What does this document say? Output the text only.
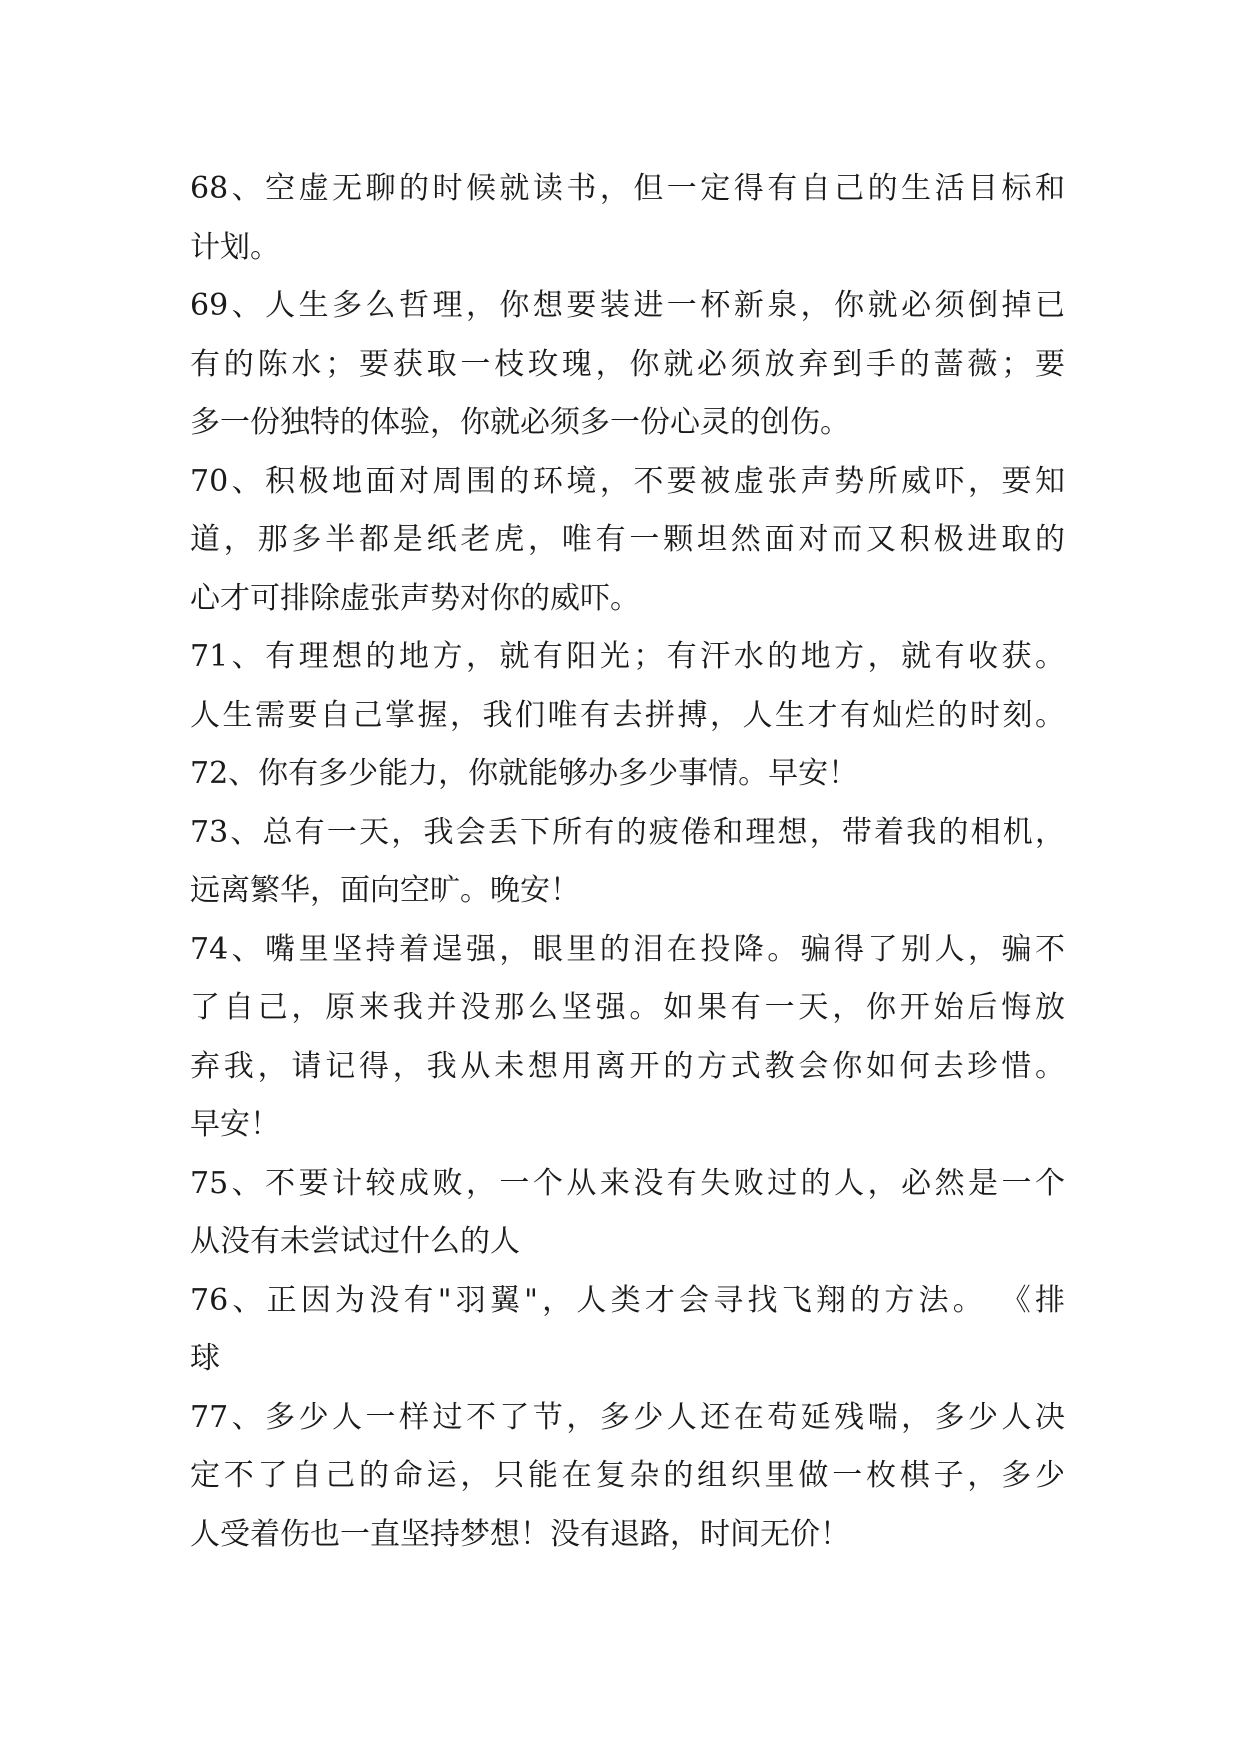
68、空虚无聊的时候就读书，但一定得有自己的生活目标和
计划。
69、人生多么哲理，你想要装进一杯新泉，你就必须倒掉已
有的陈水；要获取一枝玫瑰，你就必须放弃到手的蔷薇；要
多一份独特的体验，你就必须多一份心灵的创伤。
70、积极地面对周围的环境，不要被虚张声势所威吓，要知
道，那多半都是纸老虎，唯有一颗坦然面对而又积极进取的
心才可排除虚张声势对你的威吓。
71、有理想的地方，就有阳光；有汗水的地方，就有收获。
人生需要自己掌握，我们唯有去拼搏，人生才有灿烂的时刻。
72、你有多少能力，你就能够办多少事情。早安！
73、总有一天，我会丢下所有的疲倦和理想，带着我的相机，
远离繁华，面向空旷。晚安！
74、嘴里坚持着逞强，眼里的泪在投降。骗得了别人，骗不
了自己，原来我并没那么坚强。如果有一天，你开始后悔放
弃我，请记得，我从未想用离开的方式教会你如何去珍惜。
早安！
75、不要计较成败，一个从来没有失败过的人，必然是一个
从没有未尝试过什么的人
76、正因为没有"羽翼"，人类才会寻找飞翔的方法。 《排
球
77、多少人一样过不了节，多少人还在苟延残喘，多少人决
定不了自己的命运，只能在复杂的组织里做一枚棋子，多少
人受着伤也一直坚持梦想！没有退路，时间无价！
